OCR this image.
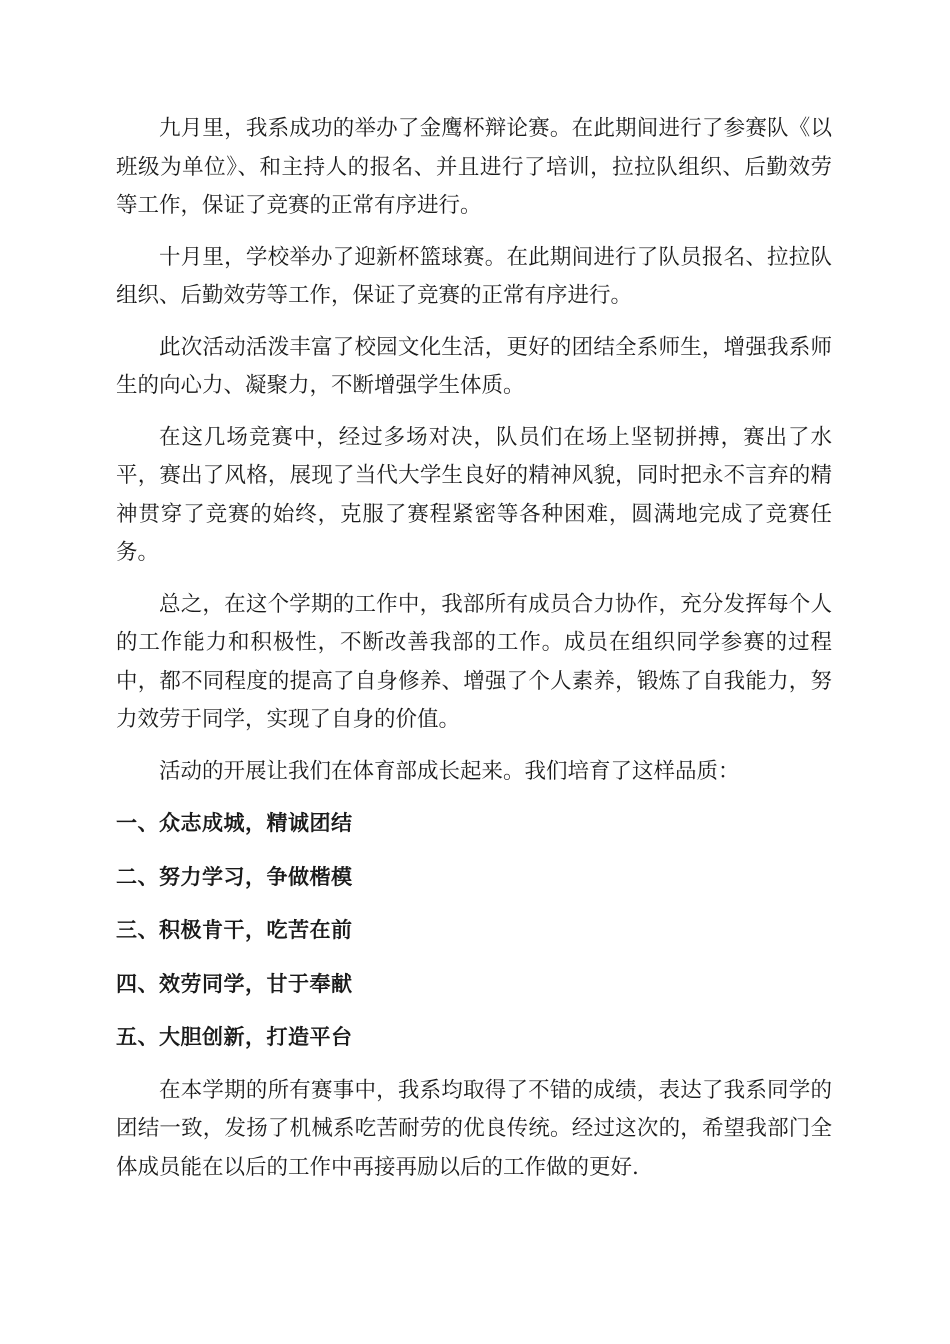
九月里，我系成功的举办了金鹰杯辩论赛。在此期间进行了参赛队《以班级为单位》、和主持人的报名、并且进行了培训，拉拉队组织、后勤效劳等工作，保证了竞赛的正常有序进行。

十月里，学校举办了迎新杯篮球赛。在此期间进行了队员报名、拉拉队组织、后勤效劳等工作，保证了竞赛的正常有序进行。

此次活动活泼丰富了校园文化生活，更好的团结全系师生，增强我系师生的向心力、凝聚力，不断增强学生体质。

在这几场竞赛中，经过多场对决，队员们在场上坚韧拼搏，赛出了水平，赛出了风格，展现了当代大学生良好的精神风貌，同时把永不言弃的精神贯穿了竞赛的始终，克服了赛程紧密等各种困难，圆满地完成了竞赛任务。

总之，在这个学期的工作中，我部所有成员合力协作，充分发挥每个人的工作能力和积极性，不断改善我部的工作。成员在组织同学参赛的过程中，都不同程度的提高了自身修养、增强了个人素养，锻炼了自我能力，努力效劳于同学，实现了自身的价值。

活动的开展让我们在体育部成长起来。我们培育了这样品质：

一、众志成城，精诚团结
二、努力学习，争做楷模
三、积极肯干，吃苦在前
四、效劳同学，甘于奉献
五、大胆创新，打造平台

在本学期的所有赛事中，我系均取得了不错的成绩，表达了我系同学的团结一致，发扬了机械系吃苦耐劳的优良传统。经过这次的，希望我部门全体成员能在以后的工作中再接再励以后的工作做的更好.
